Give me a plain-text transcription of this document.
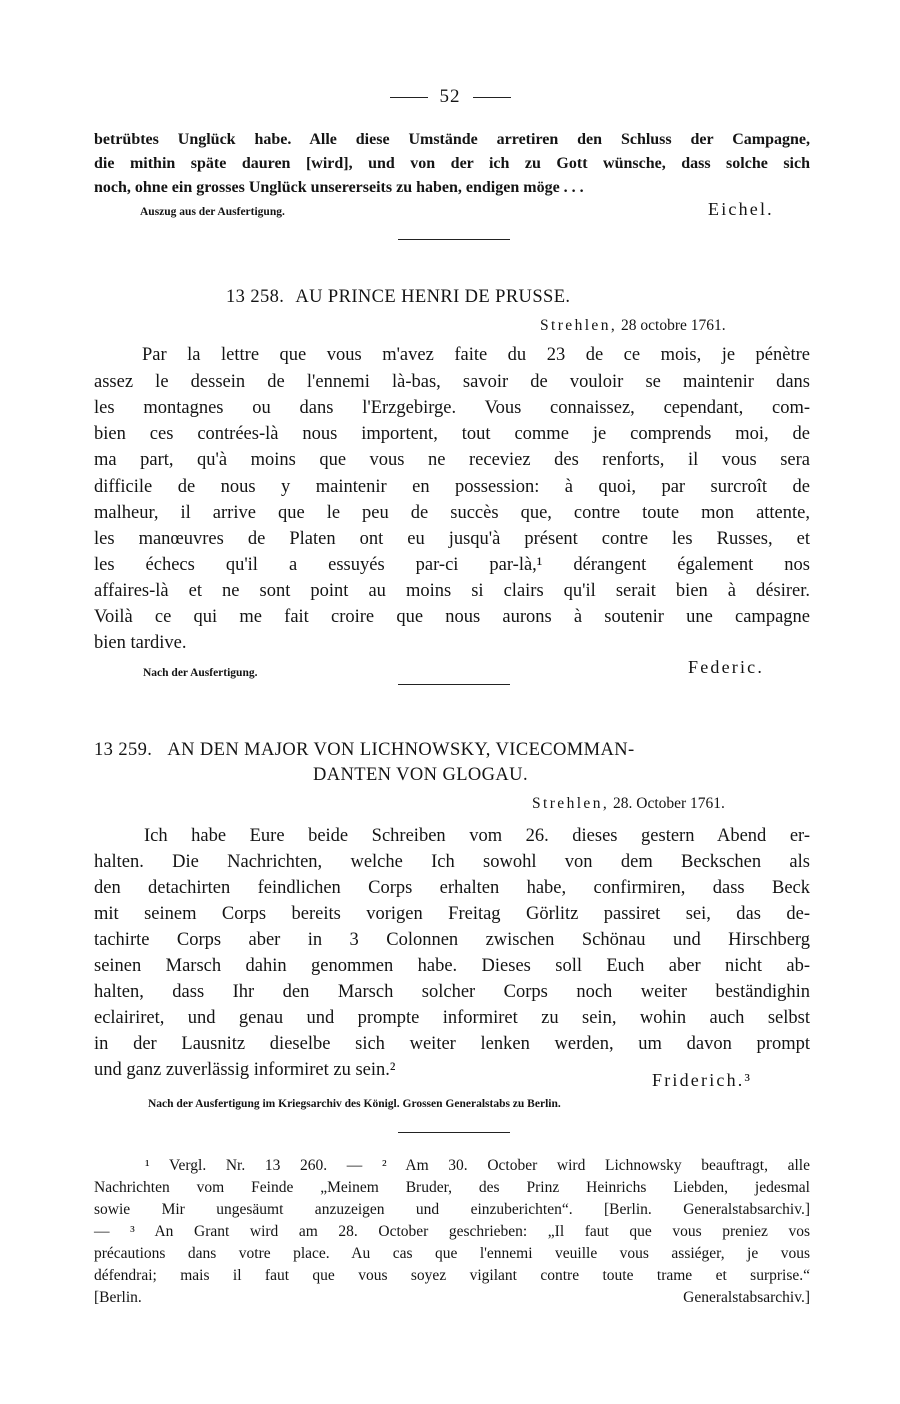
52
betrübtes Unglück habe. Alle diese Umstände arretiren den Schluss der Campagne,
die mithin späte dauren [wird], und von der ich zu Gott wünsche, dass solche sich
noch, ohne ein grosses Unglück unsererseits zu haben, endigen möge . . .
Auszug aus der Ausfertigung.	Eichel.
13 258. AU PRINCE HENRI DE PRUSSE.
Strehlen, 28 octobre 1761.
Par la lettre que vous m'avez faite du 23 de ce mois, je pénètre
assez le dessein de l'ennemi là-bas, savoir de vouloir se maintenir dans
les montagnes ou dans l'Erzgebirge. Vous connaissez, cependant, com-
bien ces contrées-là nous importent, tout comme je comprends moi, de
ma part, qu'à moins que vous ne receviez des renforts, il vous sera
difficile de nous y maintenir en possession: à quoi, par surcroît de
malheur, il arrive que le peu de succès que, contre toute mon attente,
les manœuvres de Platen ont eu jusqu'à présent contre les Russes, et
les échecs qu'il a essuyés par-ci par-là,¹ dérangent également nos
affaires-là et ne sont point au moins si clairs qu'il serait bien à désirer.
Voilà ce qui me fait croire que nous aurons à soutenir une campagne
bien tardive.
Nach der Ausfertigung.	Federic.
13 259. AN DEN MAJOR VON LICHNOWSKY, VICECOMMAN-
DANTEN VON GLOGAU.
Strehlen, 28. October 1761.
Ich habe Eure beide Schreiben vom 26. dieses gestern Abend er-
halten. Die Nachrichten, welche Ich sowohl von dem Beckschen als
den detachirten feindlichen Corps erhalten habe, confirmiren, dass Beck
mit seinem Corps bereits vorigen Freitag Görlitz passiret sei, das de-
tachirte Corps aber in 3 Colonnen zwischen Schönau und Hirschberg
seinen Marsch dahin genommen habe. Dieses soll Euch aber nicht ab-
halten, dass Ihr den Marsch solcher Corps noch weiter beständighin
eclairiret, und genau und prompte informiret zu sein, wohin auch selbst
in der Lausnitz dieselbe sich weiter lenken werden, um davon prompt
und ganz zuverlässig informiret zu sein.²	Friderich.³
Nach der Ausfertigung im Kriegsarchiv des Königl. Grossen Generalstabs zu Berlin.
¹ Vergl. Nr. 13 260. — ² Am 30. October wird Lichnowsky beauftragt, alle
Nachrichten vom Feinde „Meinem Bruder, des Prinz Heinrichs Liebden, jedesmal
sowie Mir ungesäumt anzuzeigen und einzuberichten“. [Berlin. Generalstabsarchiv.]
— ³ An Grant wird am 28. October geschrieben: „Il faut que vous preniez vos
précautions dans votre place. Au cas que l'ennemi veuille vous assiéger, je vous
défendrai; mais il faut que vous soyez vigilant contre toute trame et surprise.“
[Berlin. Generalstabsarchiv.]
